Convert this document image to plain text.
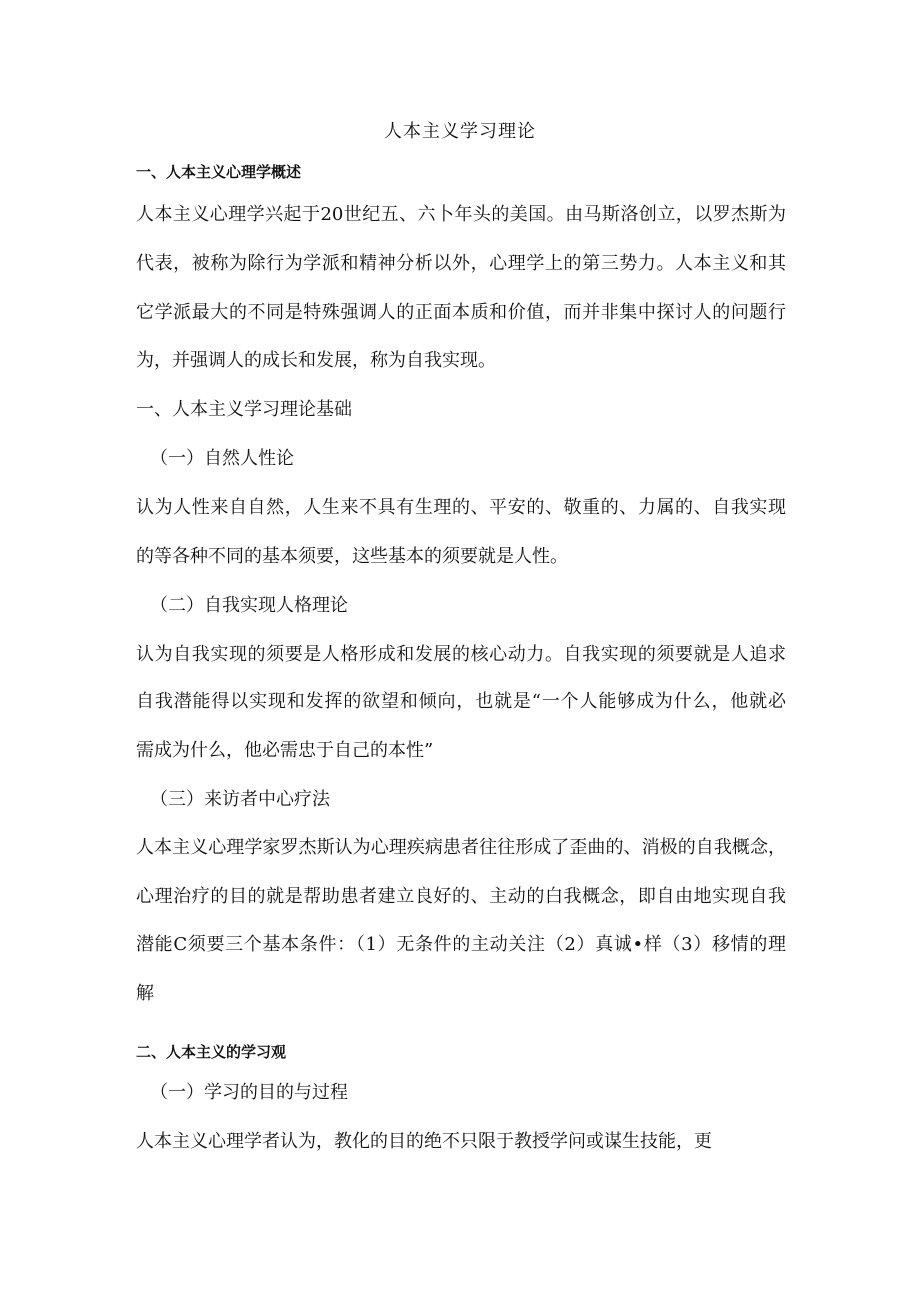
人本主义学习理论
一、人本主义心理学概述
人本主义心理学兴起于20世纪五、六卜年头的美国。由马斯洛创立，以罗杰斯为
代表，被称为除行为学派和精神分析以外，心理学上的第三势力。人本主义和其
它学派最大的不同是特殊强调人的正面本质和价值，而并非集中探讨人的问题行
为，并强调人的成长和发展，称为自我实现。
一、人本主义学习理论基础
（一）自然人性论
认为人性来自自然，人生来不具有生理的、平安的、敬重的、力属的、自我实现
的等各种不同的基本须要，这些基本的须要就是人性。
（二）自我实现人格理论
认为自我实现的须要是人格形成和发展的核心动力。自我实现的须要就是人追求
自我潜能得以实现和发挥的欲望和倾向，也就是“一个人能够成为什么，他就必
需成为什么，他必需忠于自己的本性”
（三）来访者中心疗法
人本主义心理学家罗杰斯认为心理疾病患者往往形成了歪曲的、消极的自我概念，
心理治疗的目的就是帮助患者建立良好的、主动的白我概念，即自由地实现自我
潜能C须要三个基本条件：（1）无条件的主动关注（2）真诚•样（3）移情的理
解
二、人本主义的学习观
（一）学习的目的与过程
人本主义心理学者认为，教化的目的绝不只限于教授学问或谋生技能，更
